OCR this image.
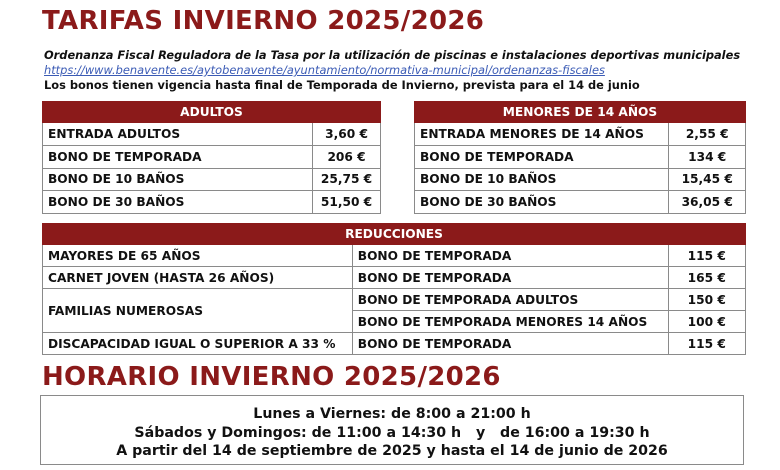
TARIFAS INVIERNO 2025/2026
Ordenanza Fiscal Reguladora de la Tasa por la utilización de piscinas e instalaciones deportivas municipales
https://www.benavente.es/aytobenavente/ayuntamiento/normativa-municipal/ordenanzas-fiscales
Los bonos tienen vigencia hasta final de Temporada de Invierno, prevista para el 14 de junio
ADULTOS	
ENTRADA ADULTOS	3,60 €
BONO DE TEMPORADA	206 €
BONO DE 10 BAÑOS	25,75 €
BONO DE 30 BAÑOS	51,50 €
MENORES DE 14 AÑOS	
ENTRADA MENORES DE 14 AÑOS	2,55 €
BONO DE TEMPORADA	134 €
BONO DE 10 BAÑOS	15,45 €
BONO DE 30 BAÑOS	36,05 €
REDUCCIONES		
MAYORES DE 65 AÑOS	BONO DE TEMPORADA	115 €
CARNET JOVEN (HASTA 26 AÑOS)	BONO DE TEMPORADA	165 €
FAMILIAS NUMEROSAS	BONO DE TEMPORADA ADULTOS	150 €
	BONO DE TEMPORADA MENORES 14 AÑOS	100 €
DISCAPACIDAD IGUAL O SUPERIOR A 33 %	BONO DE TEMPORADA	115 €
HORARIO INVIERNO 2025/2026
Lunes a Viernes: de 8:00 a 21:00 h
Sábados y Domingos: de 11:00 a 14:30 h   y   de 16:00 a 19:30 h
A partir del 14 de septiembre de 2025 y hasta el 14 de junio de 2026
